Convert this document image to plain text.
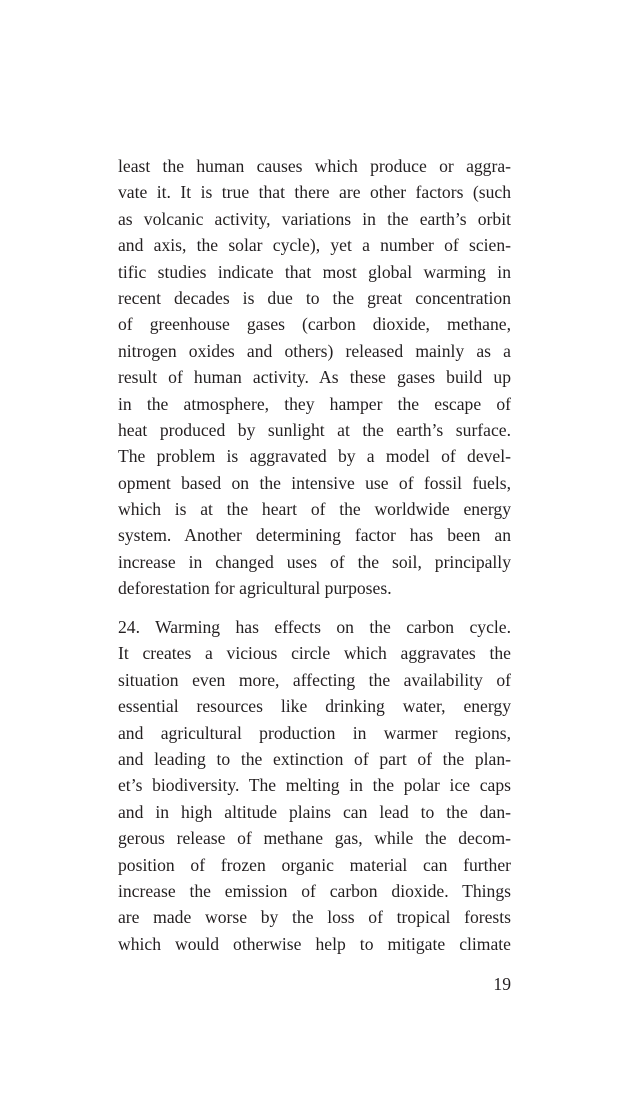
least the human causes which produce or aggra-
vate it. It is true that there are other factors (such
as volcanic activity, variations in the earth’s orbit
and axis, the solar cycle), yet a number of scien-
tific studies indicate that most global warming in
recent decades is due to the great concentration
of greenhouse gases (carbon dioxide, methane,
nitrogen oxides and others) released mainly as a
result of human activity. As these gases build up
in the atmosphere, they hamper the escape of
heat produced by sunlight at the earth’s surface.
The problem is aggravated by a model of devel-
opment based on the intensive use of fossil fuels,
which is at the heart of the worldwide energy
system. Another determining factor has been an
increase in changed uses of the soil, principally
deforestation for agricultural purposes.
24. Warming has effects on the carbon cycle.
It creates a vicious circle which aggravates the
situation even more, affecting the availability of
essential resources like drinking water, energy
and agricultural production in warmer regions,
and leading to the extinction of part of the plan-
et’s biodiversity. The melting in the polar ice caps
and in high altitude plains can lead to the dan-
gerous release of methane gas, while the decom-
position of frozen organic material can further
increase the emission of carbon dioxide. Things
are made worse by the loss of tropical forests
which would otherwise help to mitigate climate
19
